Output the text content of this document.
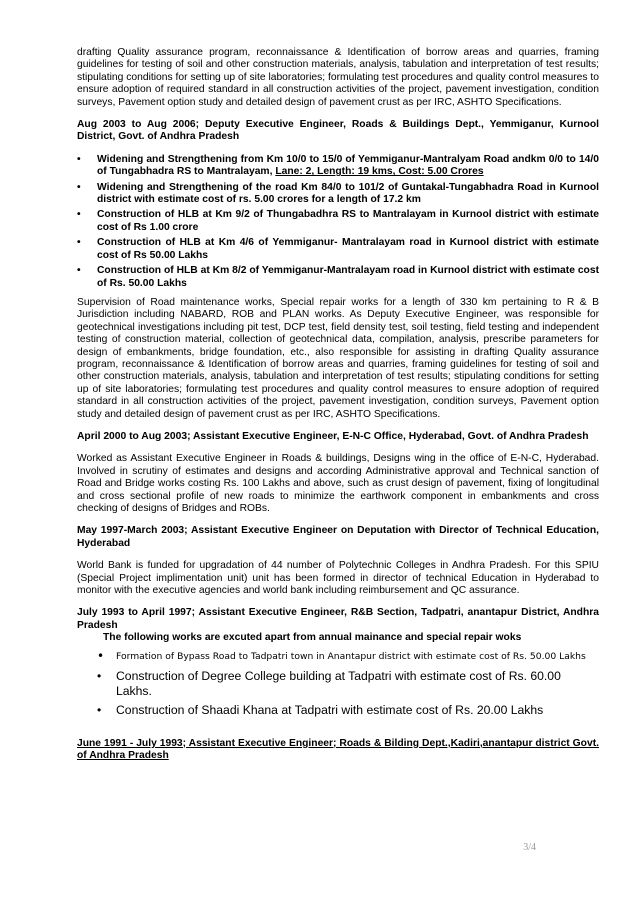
drafting Quality assurance program, reconnaissance & Identification of borrow areas and quarries, framing guidelines for testing of soil and other construction materials, analysis, tabulation and interpretation of test results; stipulating conditions for setting up of site laboratories; formulating test procedures and quality control measures to ensure adoption of required standard in all construction activities of the project, pavement investigation, condition surveys, Pavement option study and detailed design of pavement crust as per IRC, ASHTO Specifications.

Aug 2003 to Aug 2006; Deputy Executive Engineer, Roads & Buildings Dept., Yemmiganur, Kurnool District, Govt. of Andhra Pradesh

• Widening and Strengthening from Km 10/0 to 15/0 of Yemmiganur-Mantralyam Road andkm 0/0 to 14/0 of Tungabhadra RS to Mantralayam, Lane: 2, Length: 19 kms, Cost: 5.00 Crores
• Widening and Strengthening of the road Km 84/0 to 101/2 of Guntakal-Tungabhadra Road in Kurnool district with estimate cost of rs. 5.00 crores for a length of 17.2 km
• Construction of HLB at Km 9/2 of Thungabadhra RS to Mantralayam in Kurnool district with estimate cost of Rs 1.00 crore
• Construction of HLB at Km 4/6 of Yemmiganur- Mantralayam road in Kurnool district with estimate cost of Rs 50.00 Lakhs
• Construction of HLB at Km 8/2 of Yemmiganur-Mantralayam road in Kurnool district with estimate cost of Rs. 50.00 Lakhs

Supervision of Road maintenance works, Special repair works for a length of 330 km pertaining to R & B Jurisdiction including NABARD, ROB and PLAN works. As Deputy Executive Engineer, was responsible for geotechnical investigations including pit test, DCP test, field density test, soil testing, field testing and independent testing of construction material, collection of geotechnical data, compilation, analysis, prescribe parameters for design of embankments, bridge foundation, etc., also responsible for assisting in drafting Quality assurance program, reconnaissance & Identification of borrow areas and quarries, framing guidelines for testing of soil and other construction materials, analysis, tabulation and interpretation of test results; stipulating conditions for setting up of site laboratories; formulating test procedures and quality control measures to ensure adoption of required standard in all construction activities of the project, pavement investigation, condition surveys, Pavement option study and detailed design of pavement crust as per IRC, ASHTO Specifications.

April 2000 to Aug 2003; Assistant Executive Engineer, E-N-C Office, Hyderabad, Govt. of Andhra Pradesh

Worked as Assistant Executive Engineer in Roads & buildings, Designs wing in the office of E-N-C, Hyderabad. Involved in scrutiny of estimates and designs and according Administrative approval and Technical sanction of Road and Bridge works costing Rs. 100 Lakhs and above, such as crust design of pavement, fixing of longitudinal and cross sectional profile of new roads to minimize the earthwork component in embankments and cross checking of designs of Bridges and ROBs.

May 1997-March 2003; Assistant Executive Engineer on Deputation with Director of Technical Education, Hyderabad

World Bank is funded for upgradation of 44 number of Polytechnic Colleges in Andhra Pradesh. For this SPIU (Special Project implimentation unit) unit has been formed in director of technical Education in Hyderabad to monitor with the executive agencies and world bank including reimbursement and QC assurance.

July 1993 to April 1997; Assistant Executive Engineer, R&B Section, Tadpatri, anantapur District, Andhra Pradesh

The following works are excuted apart from annual mainance and special repair woks

• Formation of Bypass Road to Tadpatri town in Anantapur district with estimate cost of Rs. 50.00 Lakhs
• Construction of Degree College building at Tadpatri with estimate cost of Rs. 60.00 Lakhs.
• Construction of Shaadi Khana at Tadpatri with estimate cost of Rs. 20.00 Lakhs

June 1991 - July 1993; Assistant Executive Engineer; Roads & Bilding Dept.,Kadiri,anantapur district Govt. of Andhra Pradesh

3/4
